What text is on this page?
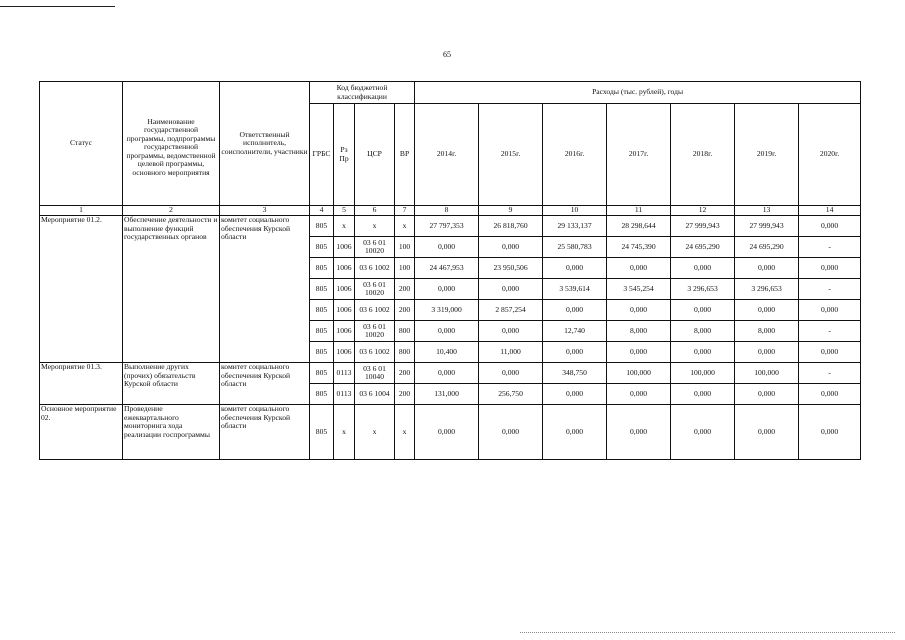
65
Статус	Наименование государственной программы, подпрограммы государственной программы, ведомственной целевой программы, основного мероприятия	Ответственный исполнитель, соисполнители, участники	Код бюджетной классификации				Расходы (тыс. рублей), годы						
			ГРБС	Рз Пр	ЦСР	ВР	2014г.	2015г.	2016г.	2017г.	2018г.	2019г.	2020г.
1	2	3	4	5	6	7	8	9	10	11	12	13	14
Мероприятие 01.2.	Обеспечение деятельности и выполнение функций государственных органов	комитет социального обеспечения Курской области	805	х	х	х	27 797,353	26 818,760	29 133,137	28 298,644	27 999,943	27 999,943	0,000
			805	1006	03 6 01 10020	100	0,000	0,000	25 580,783	24 745,390	24 695,290	24 695,290	-
			805	1006	03 6 1002	100	24 467,953	23 950,506	0,000	0,000	0,000	0,000	0,000
			805	1006	03 6 01 10020	200	0,000	0,000	3 539,614	3 545,254	3 296,653	3 296,653	-
			805	1006	03 6 1002	200	3 319,000	2 857,254	0,000	0,000	0,000	0,000	0,000
			805	1006	03 6 01 10020	800	0,000	0,000	12,740	8,000	8,000	8,000	-
			805	1006	03 6 1002	800	10,400	11,000	0,000	0,000	0,000	0,000	0,000
Мероприятие 01.3.	Выполнение других (прочих) обязательств Курской области	комитет социального обеспечения Курской области	805	0113	03 6 01 10040	200	0,000	0,000	348,750	100,000	100,000	100,000	-
			805	0113	03 6 1004	200	131,000	256,750	0,000	0,000	0,000	0,000	0,000
Основное мероприятие 02.	Проведение ежеквартального мониторинга хода реализации госпрограммы	комитет социального обеспечения Курской области	805	х	х	х	0,000	0,000	0,000	0,000	0,000	0,000	0,000
